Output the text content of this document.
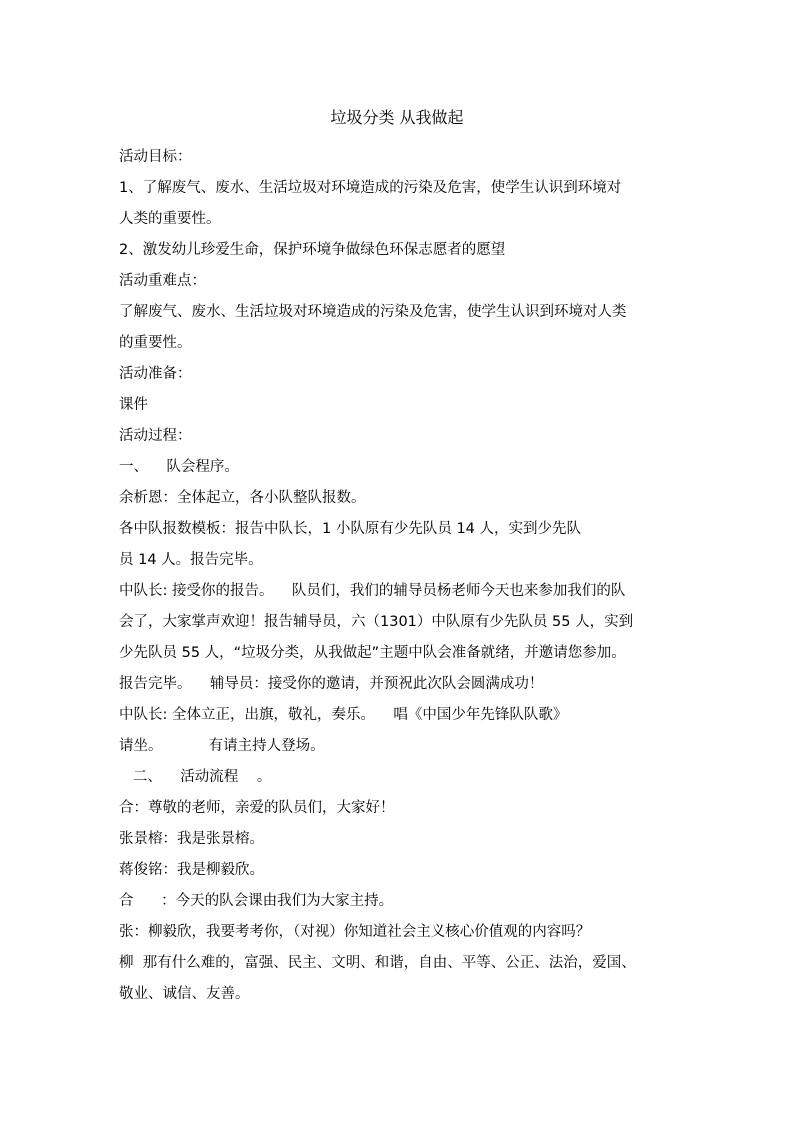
垃圾分类 从我做起
活动目标：
1、了解废气、废水、生活垃圾对环境造成的污染及危害，使学生认识到环境对
人类的重要性。
2、激发幼儿珍爱生命，保护环境争做绿色环保志愿者的愿望
活动重难点：
了解废气、废水、生活垃圾对环境造成的污染及危害，使学生认识到环境对人类
的重要性。
活动准备：
课件
活动过程：
一、    队会程序。
余析恩：全体起立，各小队整队报数。
各中队报数模板：报告中队长，1 小队原有少先队员 14 人，实到少先队
员 14 人。报告完毕。
中队长: 接受你的报告。    队员们，我们的辅导员杨老师今天也来参加我们的队
会了，大家掌声欢迎！报告辅导员，六（1301）中队原有少先队员 55 人，实到
少先队员 55 人，“垃圾分类，从我做起”主题中队会准备就绪，并邀请您参加。
报告完毕。    辅导员：接受你的邀请，并预祝此次队会圆满成功！
中队长: 全体立正，出旗，敬礼，奏乐。    唱《中国少年先锋队队歌》
请坐。          有请主持人登场。
二、    活动流程    。
合：尊敬的老师，亲爱的队员们，大家好！
张景榕：我是张景榕。
蒋俊铭：我是柳毅欣。
合      ：今天的队会课由我们为大家主持。
张：柳毅欣，我要考考你，（对视）你知道社会主义核心价值观的内容吗？
柳  那有什么难的，富强、民主、文明、和谐，自由、平等、公正、法治，爱国、
敬业、诚信、友善。
